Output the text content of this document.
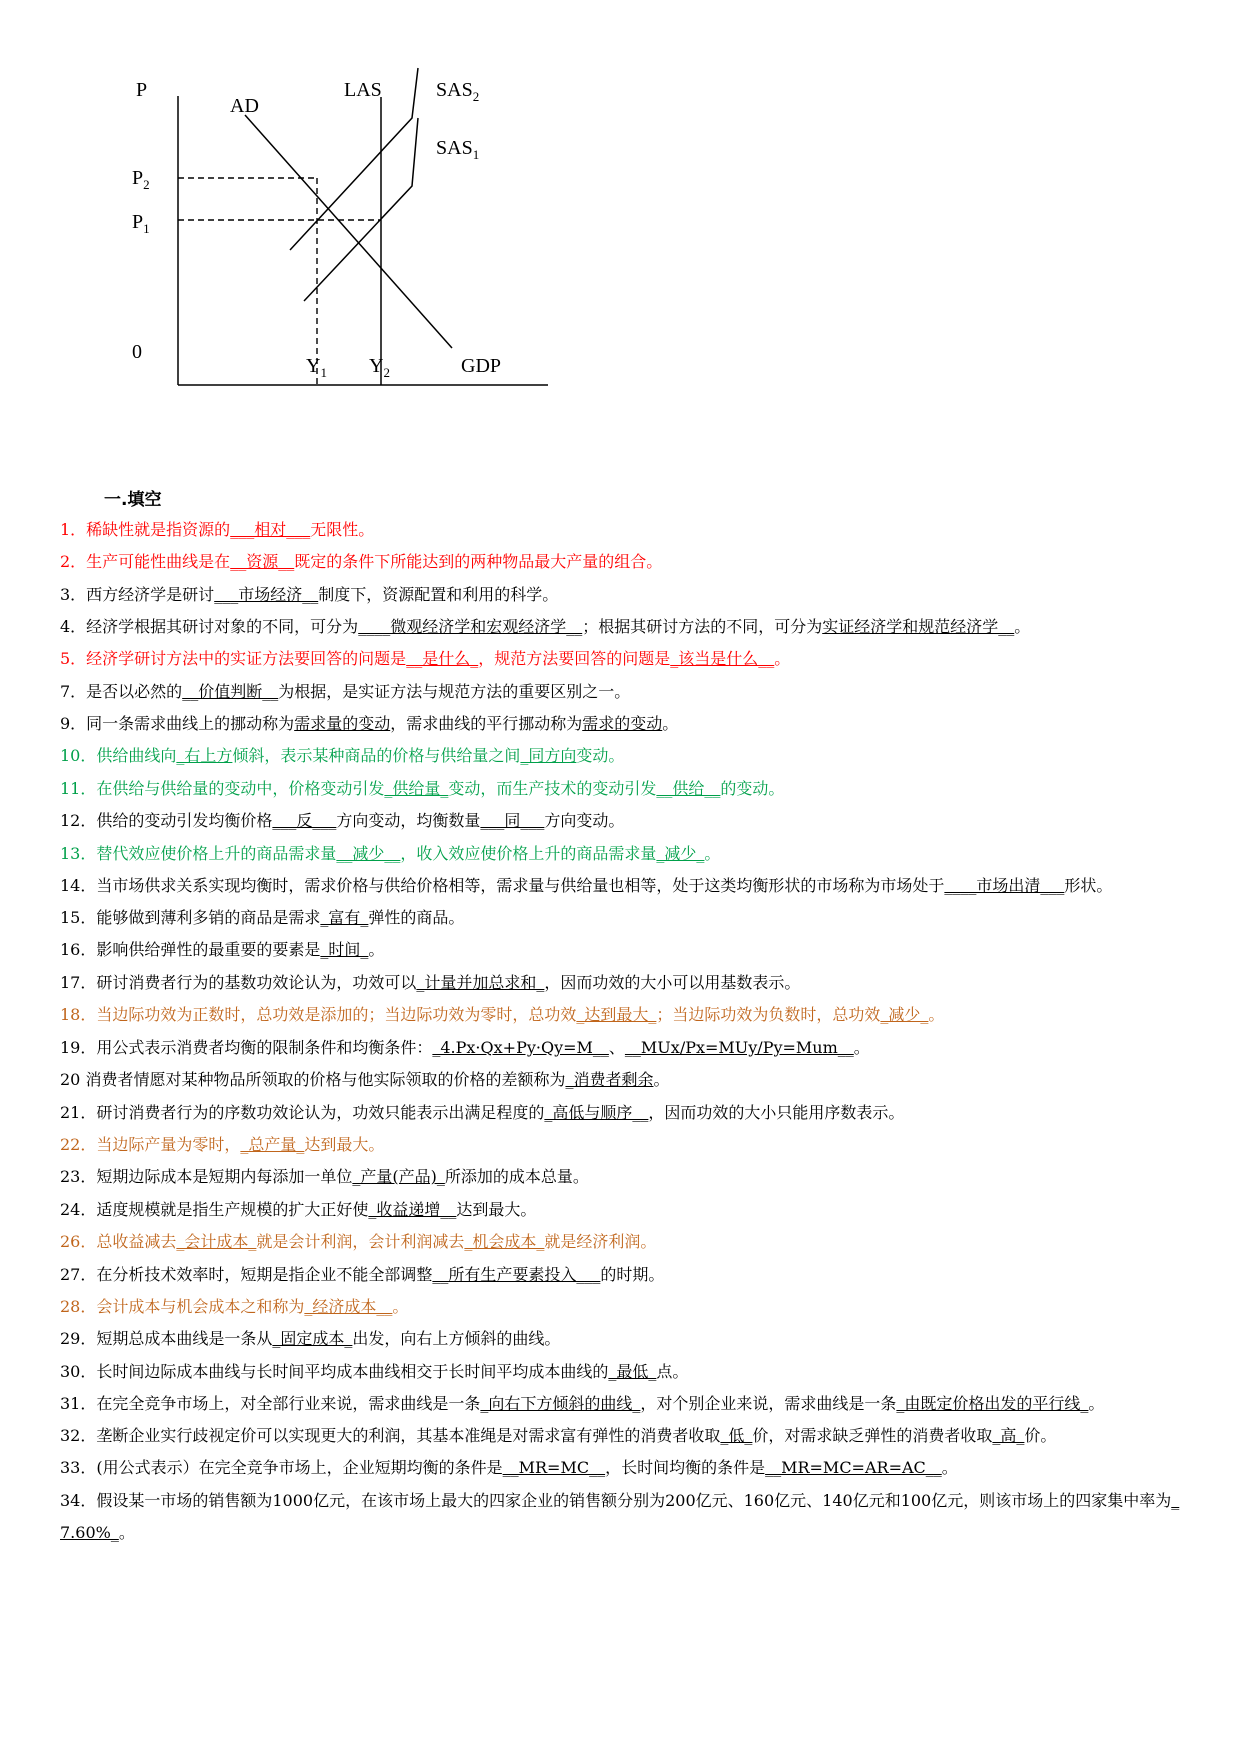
P
AD
LAS	$SAS_2$
$SAS_1$
$P_2$
$P_1$
0
$Y_1$ $Y_2$	GDP
一.填空
1．稀缺性就是指资源的___相对___无限性。
2．生产可能性曲线是在__资源__既定的条件下所能达到的两种物品最大产量的组合。
3．西方经济学是研讨___市场经济__制度下，资源配置和利用的科学。
4．经济学根据其研讨对象的不同，可分为____微观经济学和宏观经济学__；根据其研讨方法的不同，可分为实证经济学和规范经济学__。
5．经济学研讨方法中的实证方法要回答的问题是__是什么_，规范方法要回答的问题是_该当是什么__。
7．是否以必然的__价值判断__为根据，是实证方法与规范方法的重要区别之一。
9．同一条需求曲线上的挪动称为需求量的变动，需求曲线的平行挪动称为需求的变动。
10．供给曲线向_右上方倾斜，表示某种商品的价格与供给量之间_同方向变动。
11．在供给与供给量的变动中，价格变动引发_供给量_变动，而生产技术的变动引发__供给__的变动。
12．供给的变动引发均衡价格___反___方向变动，均衡数量___同___方向变动。
13．替代效应使价格上升的商品需求量__减少__，收入效应使价格上升的商品需求量_减少_。
14．当市场供求关系实现均衡时，需求价格与供给价格相等，需求量与供给量也相等，处于这类均衡形状的市场称为市场处于____市场出清___形状。
15．能够做到薄利多销的商品是需求_富有_弹性的商品。
16．影响供给弹性的最重要的要素是_时间_。
17．研讨消费者行为的基数功效论认为，功效可以_计量并加总求和_，因而功效的大小可以用基数表示。
18．当边际功效为正数时，总功效是添加的；当边际功效为零时，总功效_达到最大_；当边际功效为负数时，总功效_减少_。
19．用公式表示消费者均衡的限制条件和均衡条件：_4.Px·Qx+Py·Qy=M__、__MUx/Px=MUy/Py=Mum__。
20 消费者情愿对某种物品所领取的价格与他实际领取的价格的差额称为_消费者剩余。
21．研讨消费者行为的序数功效论认为，功效只能表示出满足程度的_高低与顺序__，因而功效的大小只能用序数表示。
22．当边际产量为零时，_总产量_达到最大。
23．短期边际成本是短期内每添加一单位_产量(产品)_所添加的成本总量。
24．适度规模就是指生产规模的扩大正好使_收益递增__达到最大。
26．总收益减去_会计成本_就是会计利润，会计利润减去_机会成本_就是经济利润。
27．在分析技术效率时，短期是指企业不能全部调整__所有生产要素投入___的时期。
28．会计成本与机会成本之和称为_经济成本__。
29．短期总成本曲线是一条从_固定成本_出发，向右上方倾斜的曲线。
30．长时间边际成本曲线与长时间平均成本曲线相交于长时间平均成本曲线的_最低_点。
31．在完全竞争市场上，对全部行业来说，需求曲线是一条_向右下方倾斜的曲线_，对个别企业来说，需求曲线是一条_由既定价格出发的平行线_。
32．垄断企业实行歧视定价可以实现更大的利润，其基本准绳是对需求富有弹性的消费者收取_低_价，对需求缺乏弹性的消费者收取_高_价。
33．(用公式表示）在完全竞争市场上，企业短期均衡的条件是__MR=MC__，长时间均衡的条件是__MR=MC=AR=AC__。
34．假设某一市场的销售额为1000亿元，在该市场上最大的四家企业的销售额分别为200亿元、160亿元、140亿元和100亿元，则该市场上的四家集中率为_7.60%_。
